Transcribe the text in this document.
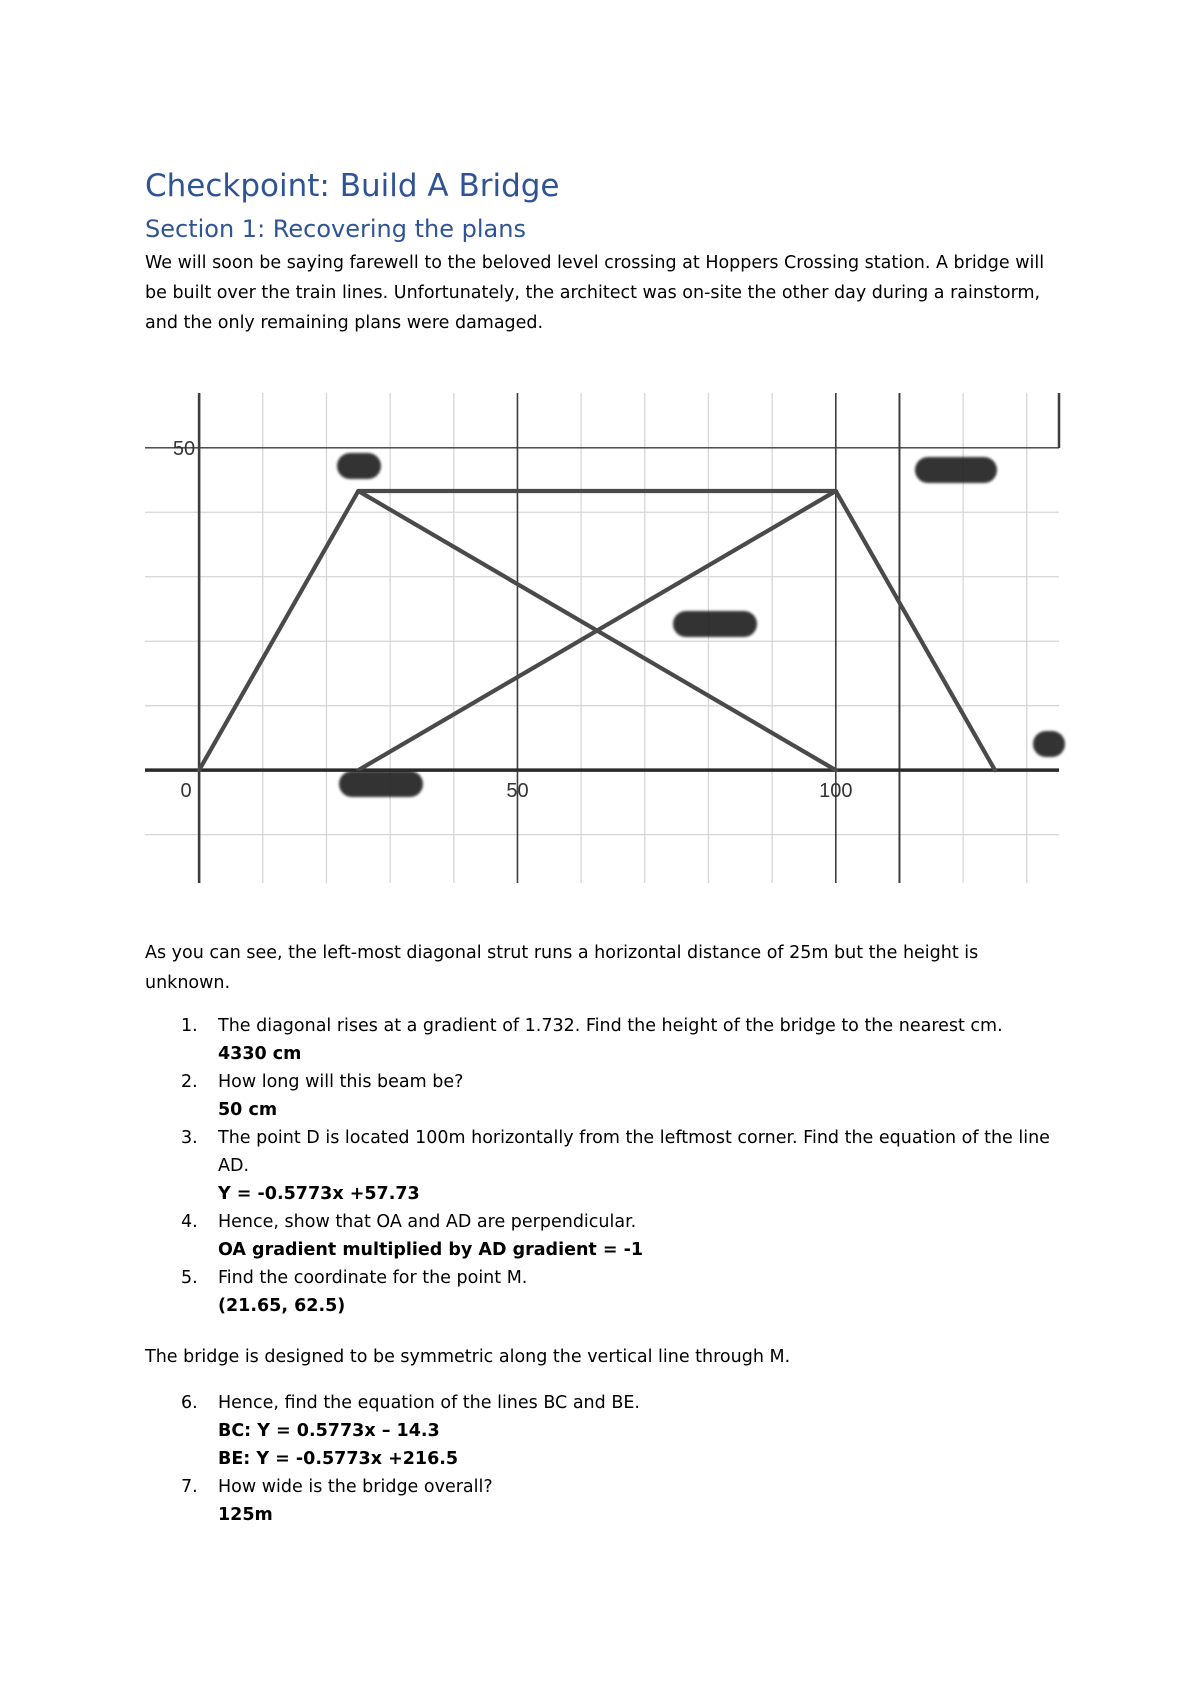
Checkpoint: Build A Bridge
Section 1: Recovering the plans

We will soon be saying farewell to the beloved level crossing at Hoppers Crossing station. A bridge will be built over the train lines. Unfortunately, the architect was on-site the other day during a rainstorm, and the only remaining plans were damaged.

0	50	100
50

As you can see, the left-most diagonal strut runs a horizontal distance of 25m but the height is unknown.

1. The diagonal rises at a gradient of 1.732. Find the height of the bridge to the nearest cm.
4330 cm
2. How long will this beam be?
50 cm
3. The point D is located 100m horizontally from the leftmost corner. Find the equation of the line AD.
Y = -0.5773x +57.73
4. Hence, show that OA and AD are perpendicular.
OA gradient multiplied by AD gradient = -1
5. Find the coordinate for the point M.
(21.65, 62.5)

The bridge is designed to be symmetric along the vertical line through M.

6. Hence, find the equation of the lines BC and BE.
BC: Y = 0.5773x – 14.3
BE: Y = -0.5773x +216.5
7. How wide is the bridge overall?
125m
